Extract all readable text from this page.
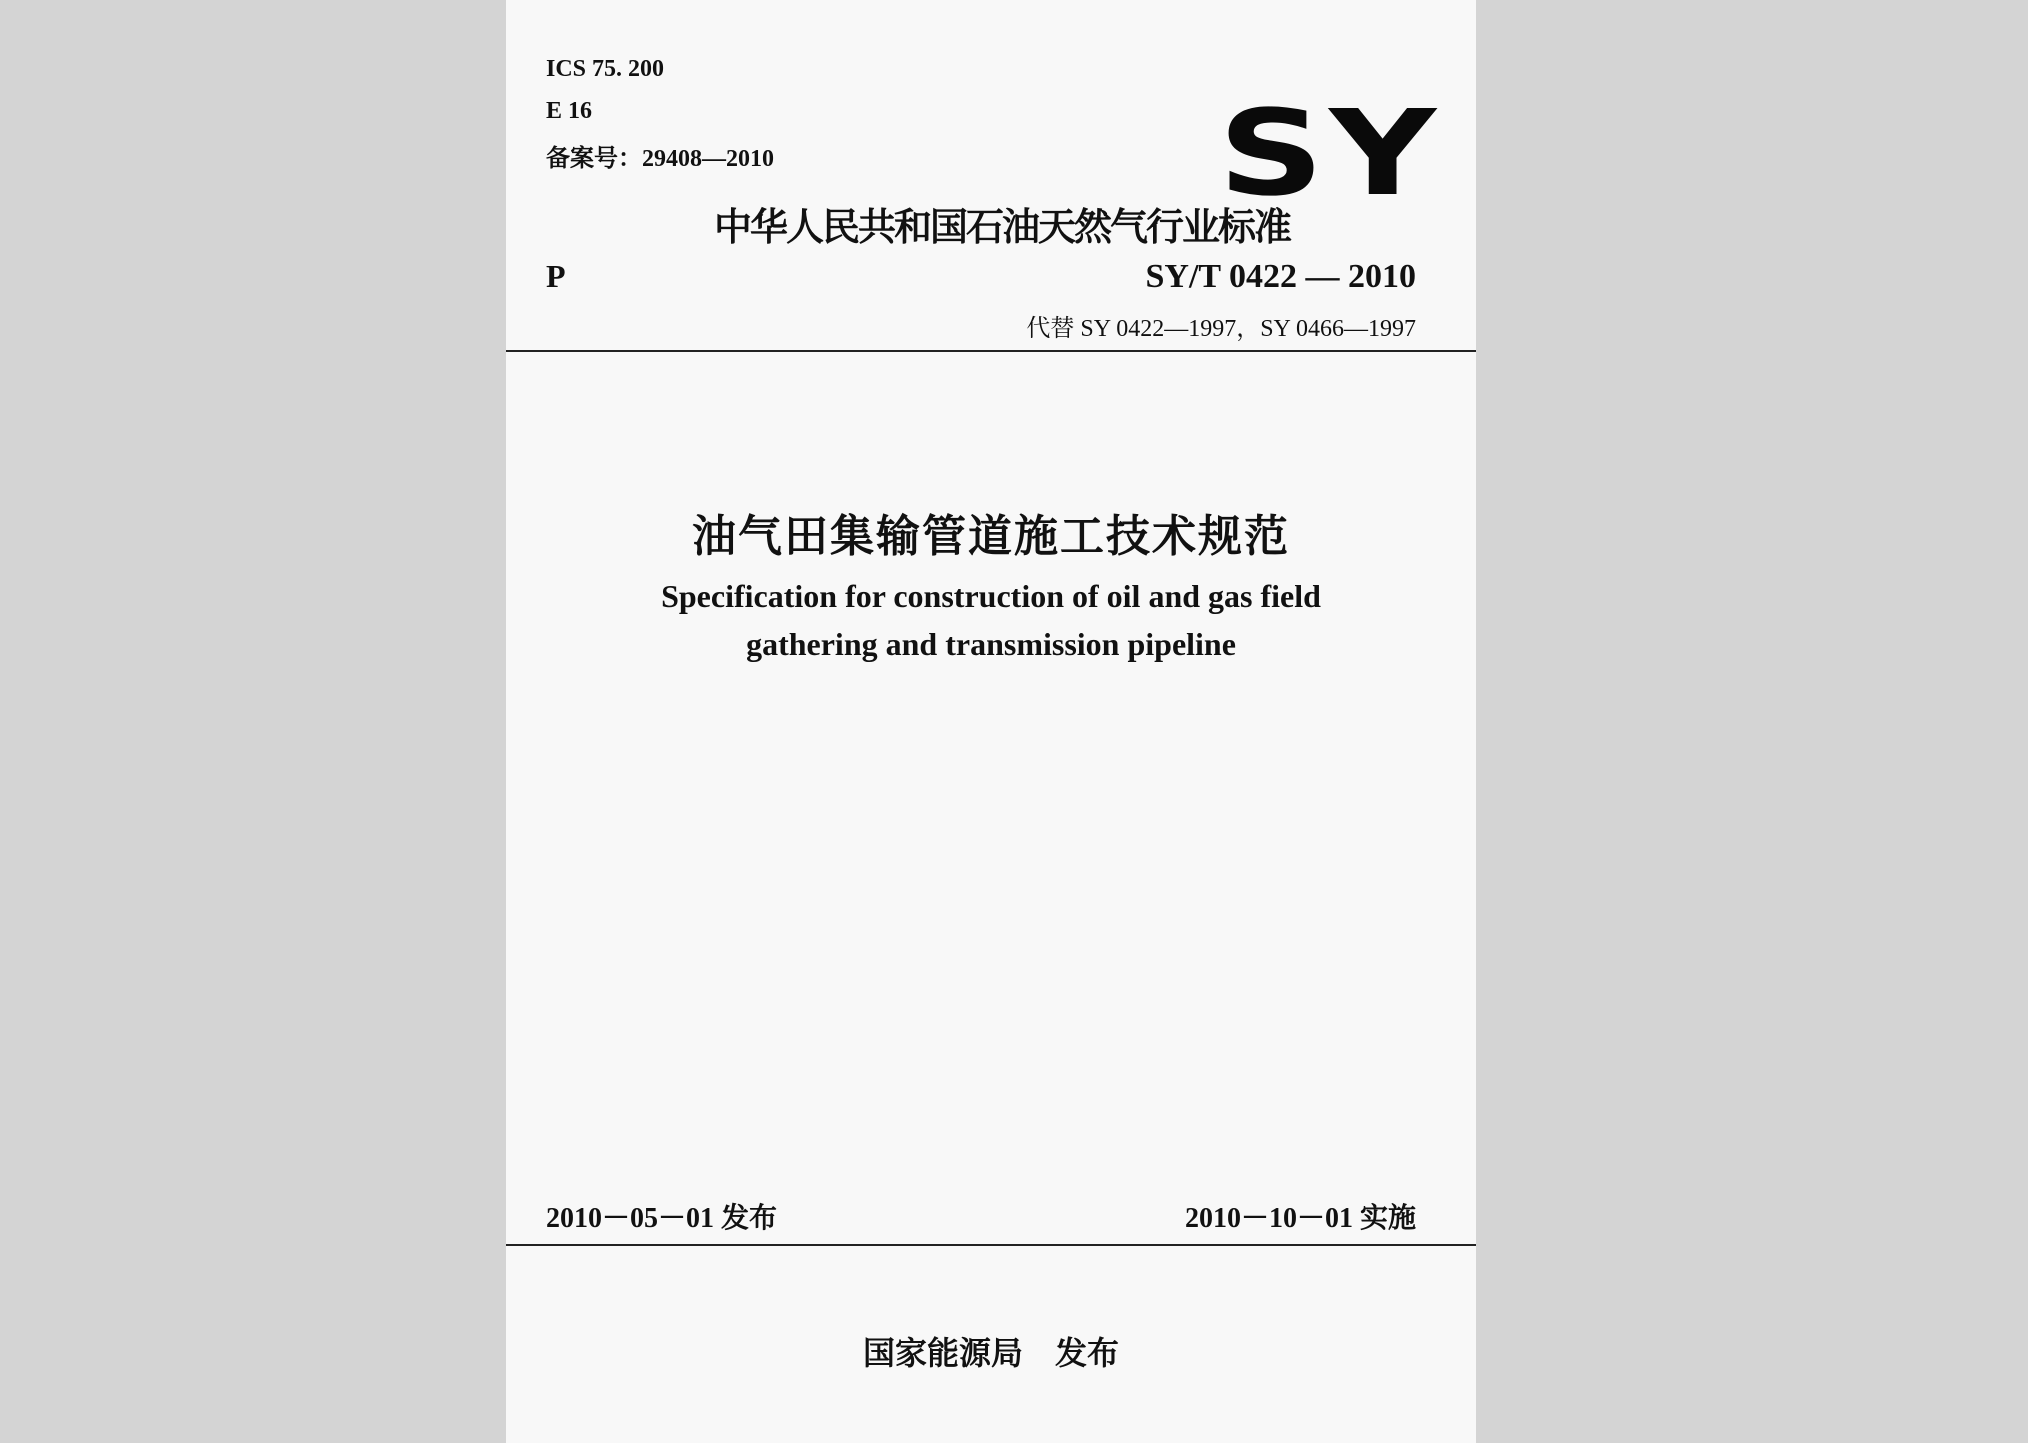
ICS 75. 200
E 16
备案号：29408—2010	SY
中华人民共和国石油天然气行业标准
P	SY/T 0422 — 2010
代替 SY 0422—1997，SY 0466—1997
油气田集输管道施工技术规范
Specification for construction of oil and gas field
gathering and transmission pipeline
2010－05－01 发布	2010－10－01 实施
国家能源局　发布
